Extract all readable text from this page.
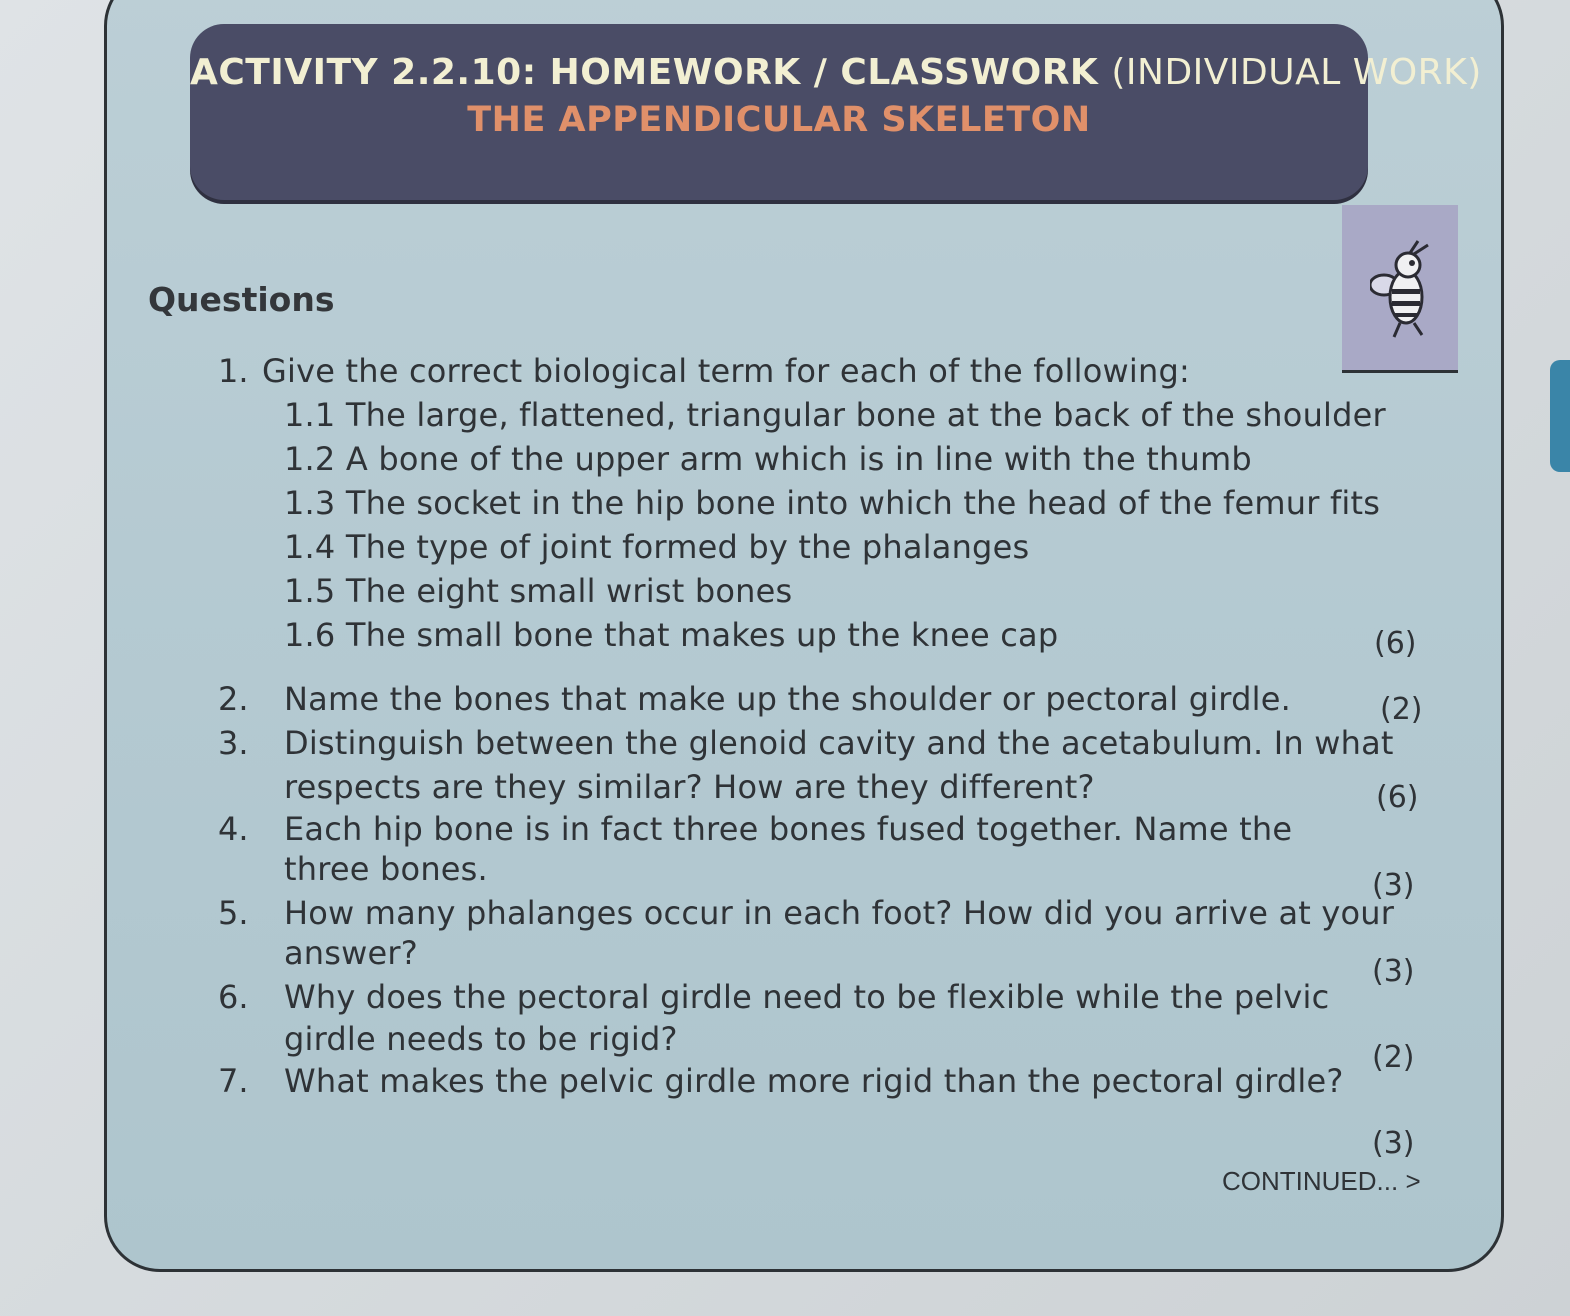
ACTIVITY 2.2.10: HOMEWORK / CLASSWORK (INDIVIDUAL WORK)
THE APPENDICULAR SKELETON
Questions
1. Give the correct biological term for each of the following:
1.1 The large, flattened, triangular bone at the back of the shoulder
1.2 A bone of the upper arm which is in line with the thumb
1.3 The socket in the hip bone into which the head of the femur fits
1.4 The type of joint formed by the phalanges
1.5 The eight small wrist bones
1.6 The small bone that makes up the knee cap	(6)
2. Name the bones that make up the shoulder or pectoral girdle.	(2)
3. Distinguish between the glenoid cavity and the acetabulum. In what
respects are they similar? How are they different?	(6)
4. Each hip bone is in fact three bones fused together. Name the
three bones.	(3)
5. How many phalanges occur in each foot? How did you arrive at your
answer?	(3)
6. Why does the pectoral girdle need to be flexible while the pelvic
girdle needs to be rigid?	(2)
7. What makes the pelvic girdle more rigid than the pectoral girdle?
(3)
CONTINUED... >
